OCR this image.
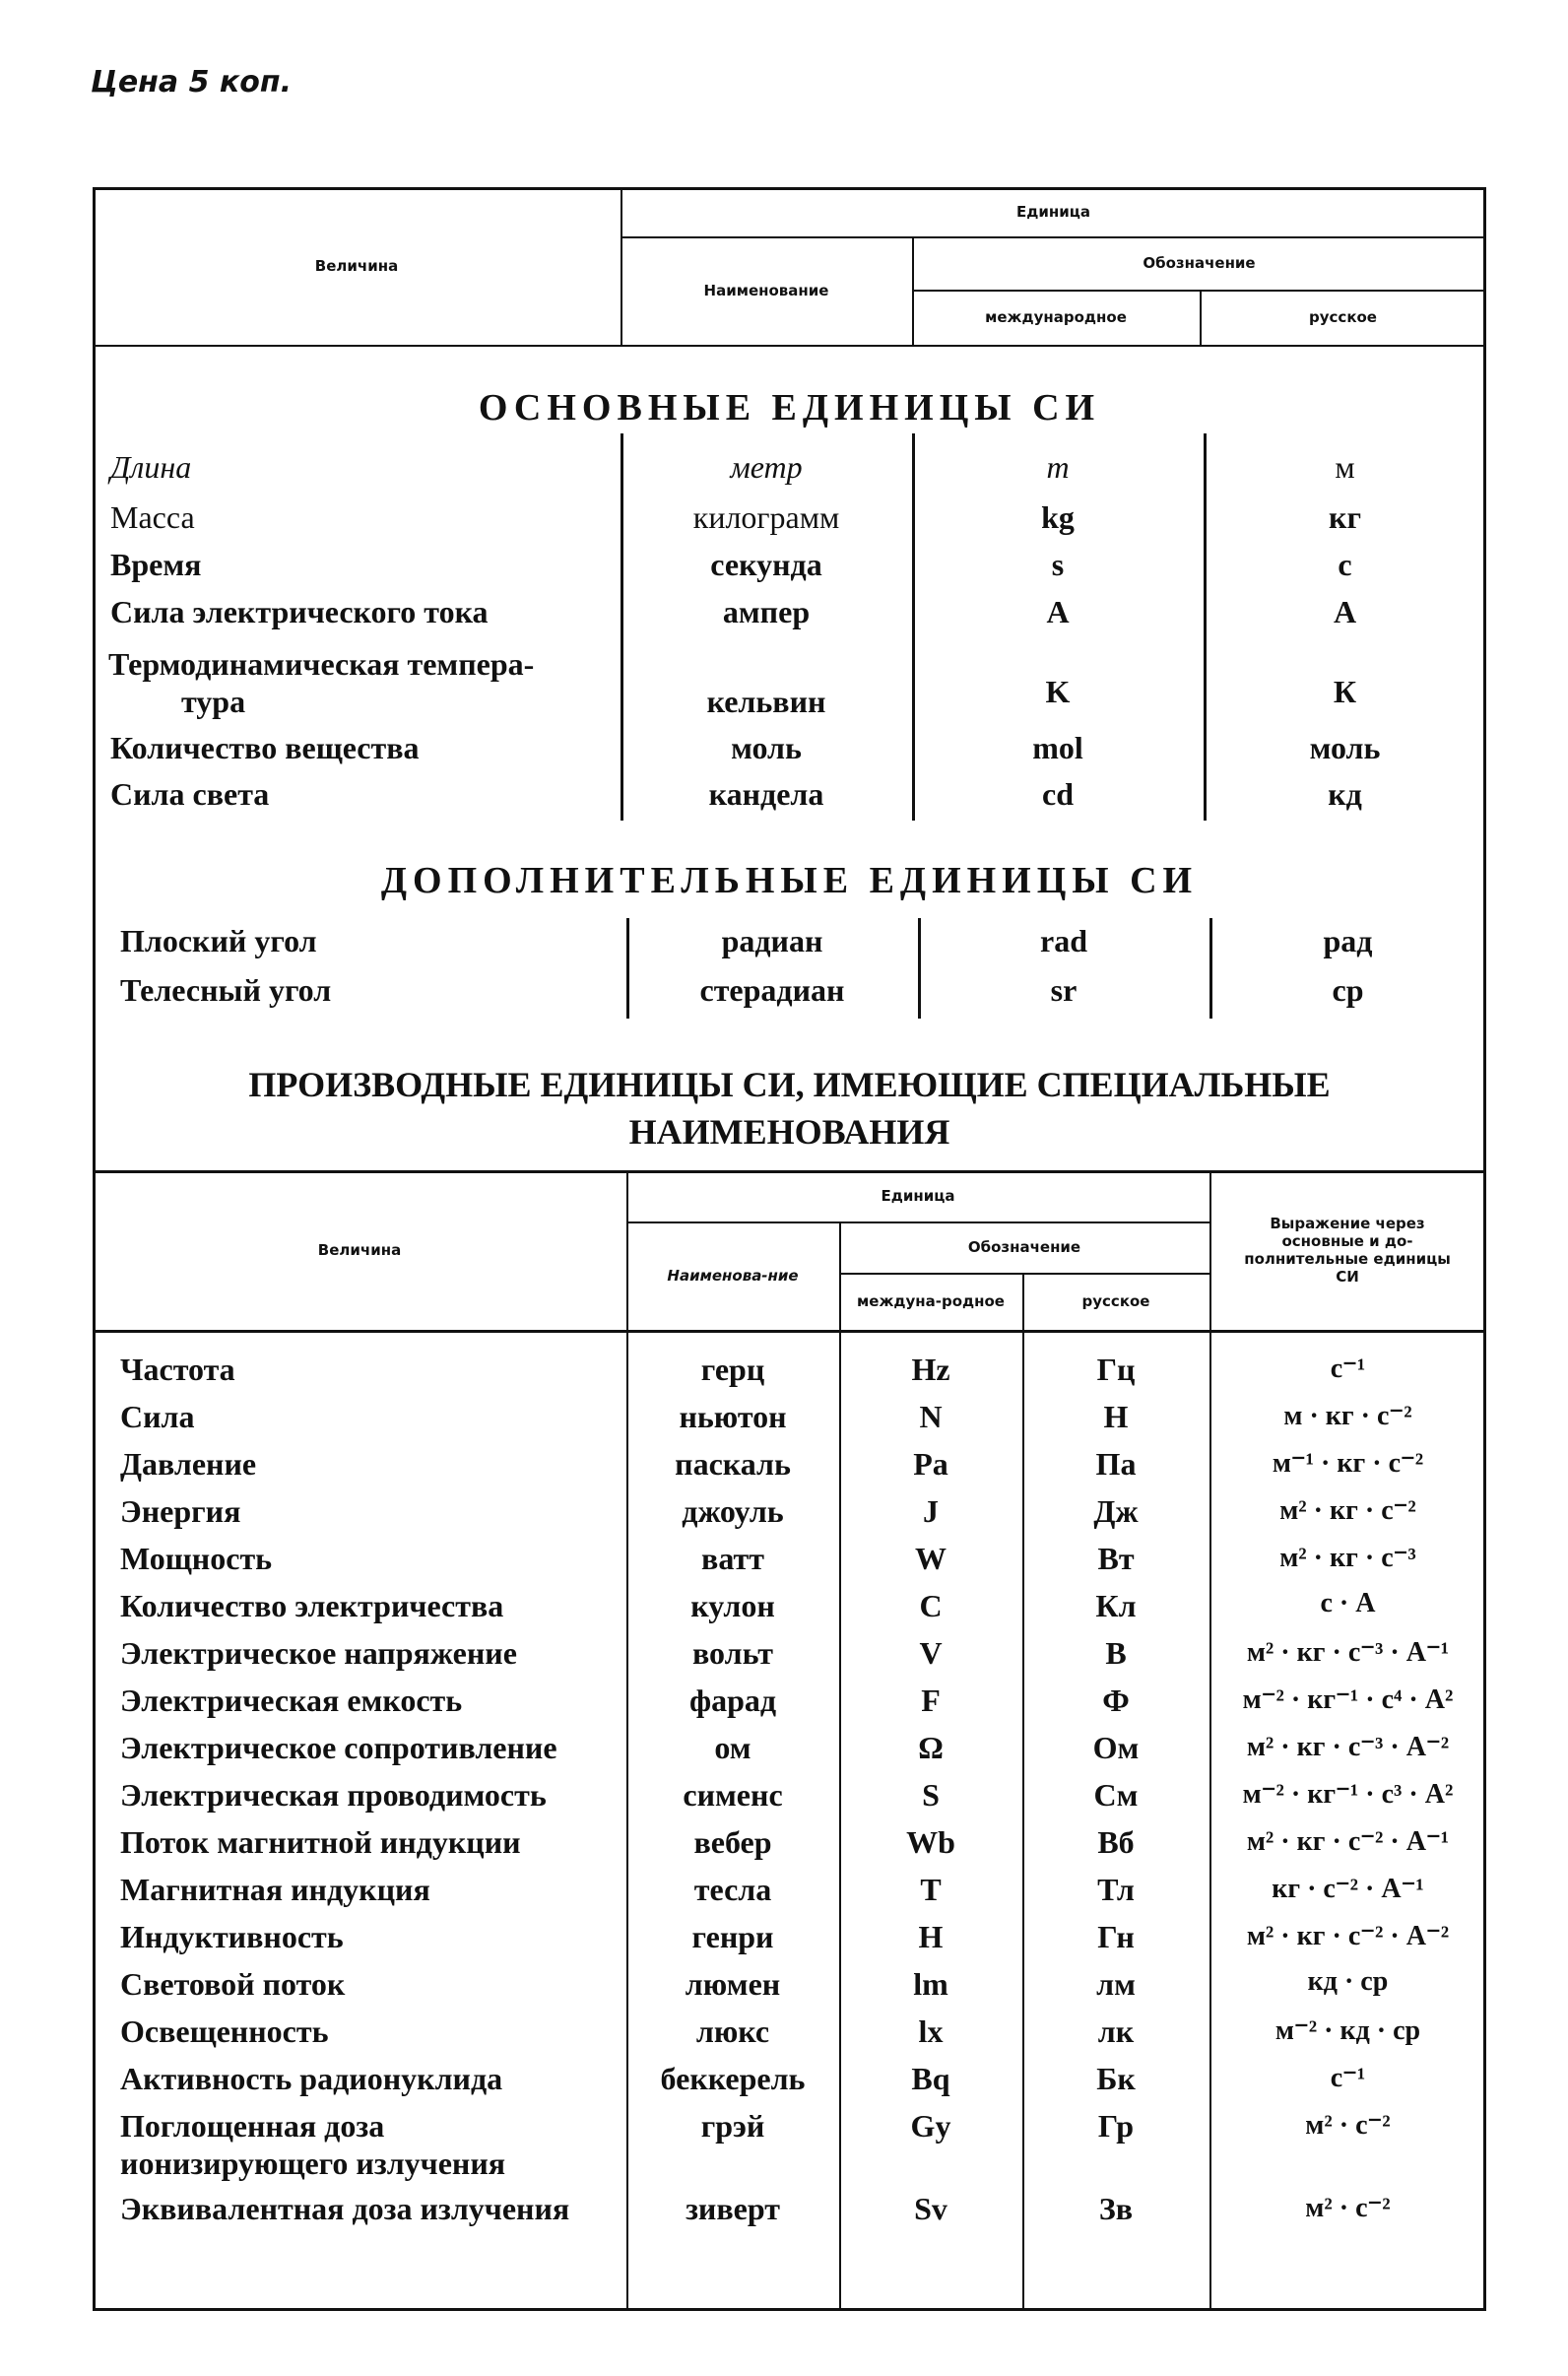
Цена 5 коп.
Величина
Единица
Наименование
Обозначение
международное	русское
ОСНОВНЫЕ ЕДИНИЦЫ СИ
Длина	метр	m	м
Масса	килограмм	kg	кг
Время	секунда	s	с
Сила электрического тока	ампер	A	А
Термодинамическая темпера-
тура	кельвин	K	К
Количество вещества	моль	mol	моль
Сила света	кандела	cd	кд
ДОПОЛНИТЕЛЬНЫЕ ЕДИНИЦЫ СИ
Плоский угол	радиан	rad	рад
Телесный угол	стерадиан	sr	ср
ПРОИЗВОДНЫЕ ЕДИНИЦЫ СИ, ИМЕЮЩИЕ СПЕЦИАЛЬНЫЕ
НАИМЕНОВАНИЯ
Величина
Единица
Наименова-ние
Обозначение
междуна-родное	русское
Выражение через основные и до-полнительные единицы СИ
Частота	герц	Hz	Гц	с⁻¹
Сила	ньютон	N	Н	м · кг · с⁻²
Давление	паскаль	Pa	Па	м⁻¹ · кг · с⁻²
Энергия	джоуль	J	Дж	м² · кг · с⁻²
Мощность	ватт	W	Вт	м² · кг · с⁻³
Количество электричества	кулон	C	Кл	с · А
Электрическое напряжение	вольт	V	В	м² · кг · с⁻³ · А⁻¹
Электрическая емкость	фарад	F	Ф	м⁻² · кг⁻¹ · с⁴ · А²
Электрическое сопротивление	ом	Ω	Ом	м² · кг · с⁻³ · А⁻²
Электрическая проводимость	сименс	S	См	м⁻² · кг⁻¹ · с³ · А²
Поток магнитной индукции	вебер	Wb	Вб	м² · кг · с⁻² · А⁻¹
Магнитная индукция	тесла	T	Тл	кг · с⁻² · А⁻¹
Индуктивность	генри	H	Гн	м² · кг · с⁻² · А⁻²
Световой поток	люмен	lm	лм	кд · ср
Освещенность	люкс	lx	лк	м⁻² · кд · ср
Активность радионуклида	беккерель	Bq	Бк	с⁻¹
Поглощенная доза	грэй	Gy	Гр	м² · с⁻²
ионизирующего излучения
Эквивалентная доза излучения	зиверт	Sv	Зв	м² · с⁻²
